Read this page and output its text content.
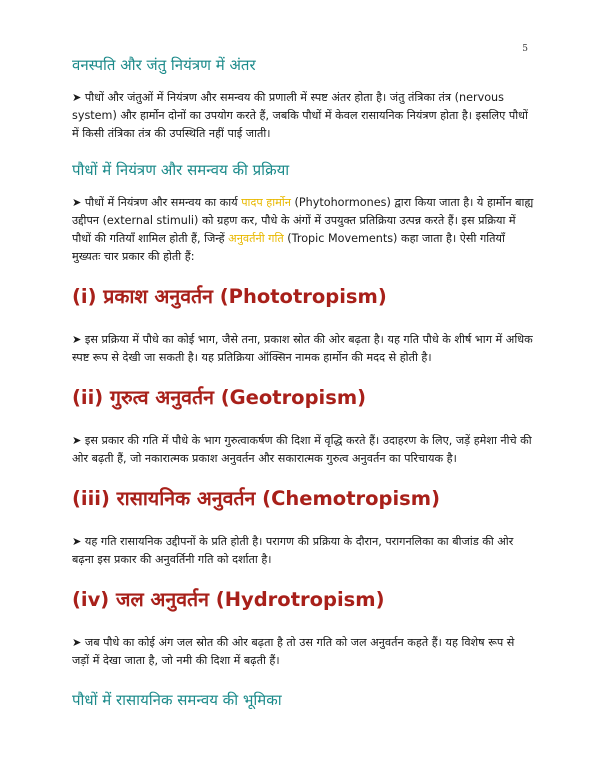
5
वनस्पति और जंतु नियंत्रण में अंतर

➤ पौधों और जंतुओं में नियंत्रण और समन्वय की प्रणाली में स्पष्ट अंतर होता है। जंतु तंत्रिका तंत्र (nervous system) और हार्मोन दोनों का उपयोग करते हैं, जबकि पौधों में केवल रासायनिक नियंत्रण होता है। इसलिए पौधों में किसी तंत्रिका तंत्र की उपस्थिति नहीं पाई जाती।

पौधों में नियंत्रण और समन्वय की प्रक्रिया

➤ पौधों में नियंत्रण और समन्वय का कार्य पादप हार्मोन (Phytohormones) द्वारा किया जाता है। ये हार्मोन बाह्य उद्दीपन (external stimuli) को ग्रहण कर, पौधे के अंगों में उपयुक्त प्रतिक्रिया उत्पन्न करते हैं। इस प्रक्रिया में पौधों की गतियाँ शामिल होती हैं, जिन्हें अनुवर्तनी गति (Tropic Movements) कहा जाता है। ऐसी गतियाँ मुख्यतः चार प्रकार की होती हैं:

(i) प्रकाश अनुवर्तन (Phototropism)

➤ इस प्रक्रिया में पौधे का कोई भाग, जैसे तना, प्रकाश स्रोत की ओर बढ़ता है। यह गति पौधे के शीर्ष भाग में अधिक स्पष्ट रूप से देखी जा सकती है। यह प्रतिक्रिया ऑक्सिन नामक हार्मोन की मदद से होती है।

(ii) गुरुत्व अनुवर्तन (Geotropism)

➤ इस प्रकार की गति में पौधे के भाग गुरुत्वाकर्षण की दिशा में वृद्धि करते हैं। उदाहरण के लिए, जड़ें हमेशा नीचे की ओर बढ़ती हैं, जो नकारात्मक प्रकाश अनुवर्तन और सकारात्मक गुरुत्व अनुवर्तन का परिचायक है।

(iii) रासायनिक अनुवर्तन (Chemotropism)

➤ यह गति रासायनिक उद्दीपनों के प्रति होती है। परागण की प्रक्रिया के दौरान, परागनलिका का बीजांड की ओर बढ़ना इस प्रकार की अनुवर्तिनी गति को दर्शाता है।

(iv) जल अनुवर्तन (Hydrotropism)

➤ जब पौधे का कोई अंग जल स्रोत की ओर बढ़ता है तो उस गति को जल अनुवर्तन कहते हैं। यह विशेष रूप से जड़ों में देखा जाता है, जो नमी की दिशा में बढ़ती हैं।

पौधों में रासायनिक समन्वय की भूमिका
